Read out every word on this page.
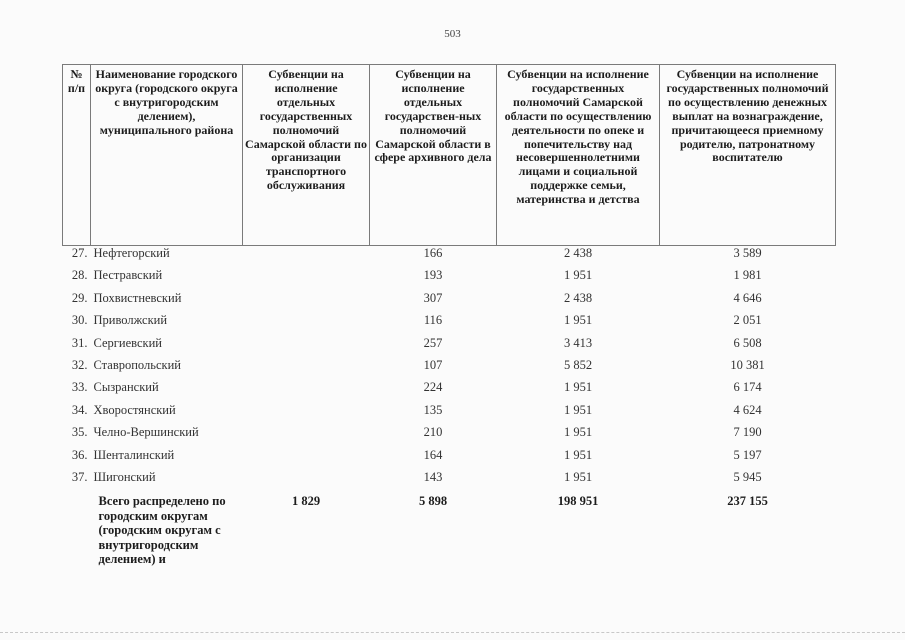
503
№ п/п	Наименование городского округа (городского округа с внутригородским делением), муниципального района	Субвенции на исполнение отдельных государственных полномочий Самарской области по организации транспортного обслуживания	Субвенции на исполнение отдельных государствен-ных полномочий Самарской области в сфере архивного дела	Субвенции на исполнение государственных полномочий Самарской области по осуществлению деятельности по опеке и попечительству над несовершеннолетними лицами и социальной поддержке семьи, материнства и детства	Субвенции на исполнение государственных полномочий по осуществлению денежных выплат на вознаграждение, причитающееся приемному родителю, патронатному воспитателю
27.	Нефтегорский		166	2 438	3 589
28.	Пестравский		193	1 951	1 981
29.	Похвистневский		307	2 438	4 646
30.	Приволжский		116	1 951	2 051
31.	Сергиевский		257	3 413	6 508
32.	Ставропольский		107	5 852	10 381
33.	Сызранский		224	1 951	6 174
34.	Хворостянский		135	1 951	4 624
35.	Челно-Вершинский		210	1 951	7 190
36.	Шенталинский		164	1 951	5 197
37.	Шигонский		143	1 951	5 945
	Всего распределено по городским округам (городским округам с внутригородским делением) и	1 829	5 898	198 951	237 155
